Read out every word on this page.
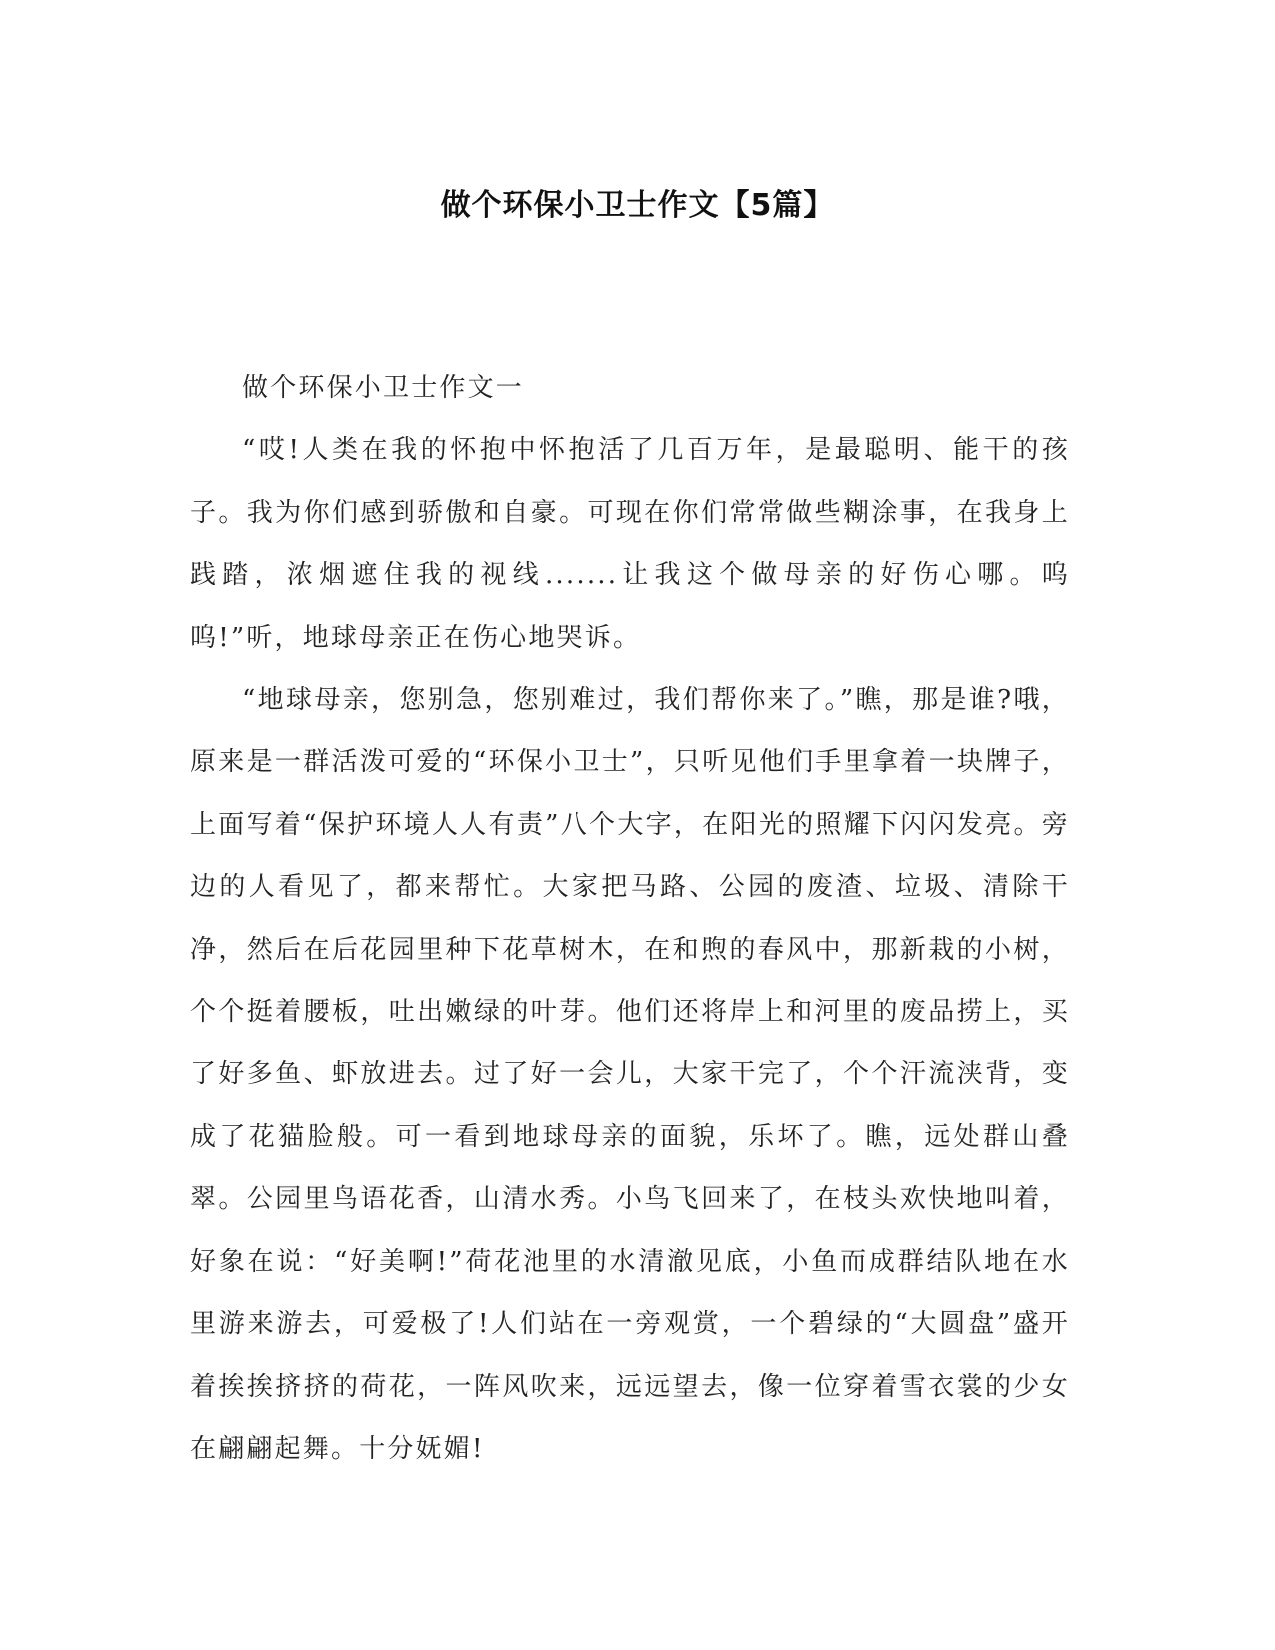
做个环保小卫士作文【5篇】

做个环保小卫士作文一

“哎!人类在我的怀抱中怀抱活了几百万年，是最聪明、能干的孩子。我为你们感到骄傲和自豪。可现在你们常常做些糊涂事，在我身上践踏，浓烟遮住我的视线.......让我这个做母亲的好伤心哪。呜呜!”听，地球母亲正在伤心地哭诉。

“地球母亲，您别急，您别难过，我们帮你来了。”瞧，那是谁?哦，原来是一群活泼可爱的“环保小卫士”，只听见他们手里拿着一块牌子，上面写着“保护环境人人有责”八个大字，在阳光的照耀下闪闪发亮。旁边的人看见了，都来帮忙。大家把马路、公园的废渣、垃圾、清除干净，然后在后花园里种下花草树木，在和煦的春风中，那新栽的小树，个个挺着腰板，吐出嫩绿的叶芽。他们还将岸上和河里的废品捞上，买了好多鱼、虾放进去。过了好一会儿，大家干完了，个个汗流浃背，变成了花猫脸般。可一看到地球母亲的面貌，乐坏了。瞧，远处群山叠翠。公园里鸟语花香，山清水秀。小鸟飞回来了，在枝头欢快地叫着，好象在说：“好美啊!”荷花池里的水清澈见底，小鱼而成群结队地在水里游来游去，可爱极了!人们站在一旁观赏，一个碧绿的“大圆盘”盛开着挨挨挤挤的荷花，一阵风吹来，远远望去，像一位穿着雪衣裳的少女在翩翩起舞。十分妩媚!
